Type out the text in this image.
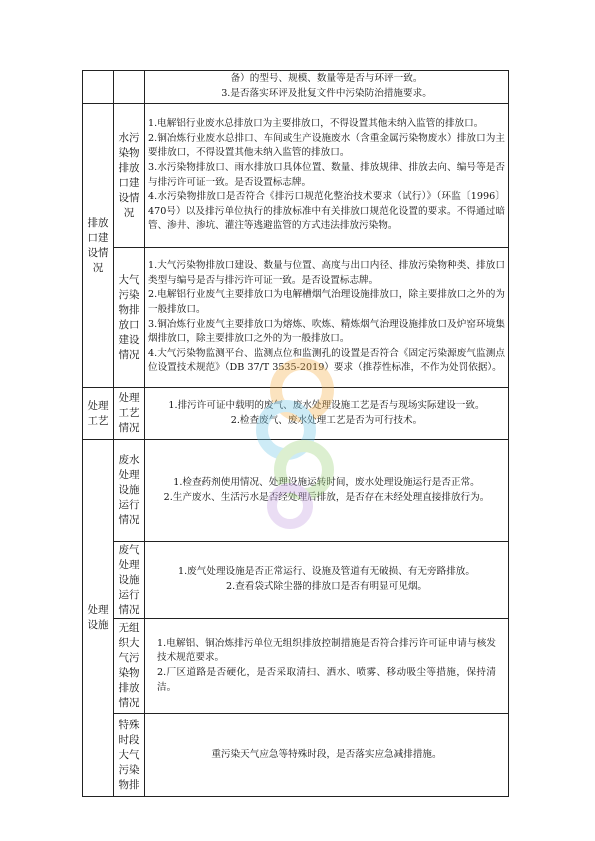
		备）的型号、规模、数量等是否与环评一致。
3.是否落实环评及批复文件中污染防治措施要求。

排放口建设情况	水污染物排放口建设情况	1.电解铝行业废水总排放口为主要排放口，不得设置其他未纳入监管的排放口。
2.铜冶炼行业废水总排口、车间或生产设施废水（含重金属污染物废水）排放口为主要排放口，不得设置其他未纳入监管的排放口。
3.水污染物排放口、雨水排放口具体位置、数量、排放规律、排放去向、编号等是否与排污许可证一致。是否设置标志牌。
4.水污染物排放口是否符合《排污口规范化整治技术要求（试行）》（环监〔1996〕470号）以及排污单位执行的排放标准中有关排放口规范化设置的要求。不得通过暗管、渗井、渗坑、灌注等逃避监管的方式违法排放污染物。

	大气污染物排放口建设情况	1.大气污染物排放口建设、数量与位置、高度与出口内径、排放污染物种类、排放口类型与编号是否与排污许可证一致。是否设置标志牌。
2.电解铝行业废气主要排放口为电解槽烟气治理设施排放口，除主要排放口之外的为一般排放口。
3.铜冶炼行业废气主要排放口为熔炼、吹炼、精炼烟气治理设施排放口及炉窑环境集烟排放口，除主要排放口之外的为一般排放口。
4.大气污染物监测平台、监测点位和监测孔的设置是否符合《固定污染源废气监测点位设置技术规范》（DB 37/T 3535-2019）要求（推荐性标准，不作为处罚依据）。

处理工艺	处理工艺情况	1.排污许可证中载明的废气、废水处理设施工艺是否与现场实际建设一致。
2.检查废气、废水处理工艺是否为可行技术。

处理设施	废水处理设施运行情况	1.检查药剂使用情况、处理设施运转时间，废水处理设施运行是否正常。
2.生产废水、生活污水是否经处理后排放，是否存在未经处理直接排放行为。

	废气处理设施运行情况	1.废气处理设施是否正常运行、设施及管道有无破损、有无旁路排放。
2.查看袋式除尘器的排放口是否有明显可见烟。

	无组织大气污染物排放情况	1.电解铝、铜冶炼排污单位无组织排放控制措施是否符合排污许可证申请与核发技术规范要求。
2.厂区道路是否硬化，是否采取清扫、洒水、喷雾、移动吸尘等措施，保持清洁。

	特殊时段大气污染物排	重污染天气应急等特殊时段，是否落实应急减排措施。
